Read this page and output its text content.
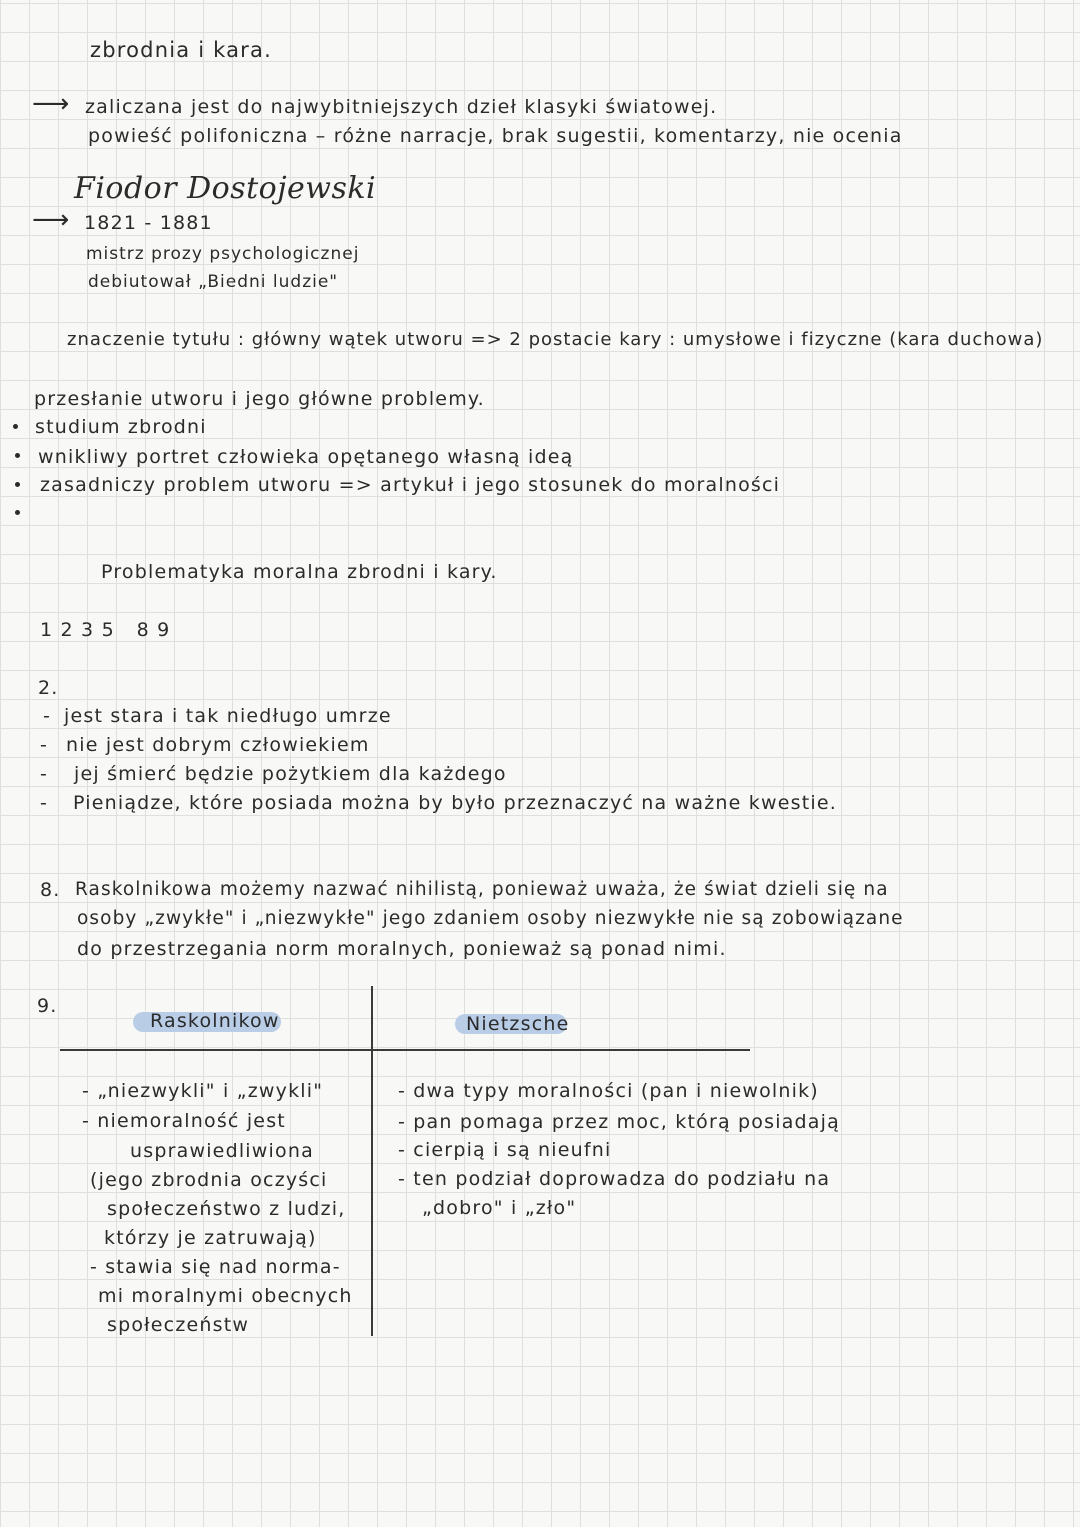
zbrodnia i kara.
⟶ zaliczana jest do najwybitniejszych dzieł klasyki światowej.
powieść polifoniczna – różne narracje, brak sugestii, komentarzy, nie ocenia
Fiodor Dostojewski
⟶ 1821 - 1881
mistrz prozy psychologicznej
debiutował „Biedni ludzie"
znaczenie tytułu : główny wątek utworu => 2 postacie kary : umysłowe i fizyczne (kara duchowa)
przesłanie utworu i jego główne problemy.
studium zbrodni
wnikliwy portret człowieka opętanego własną ideą
zasadniczy problem utworu => artykuł i jego stosunek do moralności
Problematyka moralna zbrodni i kary.
1 2 3 5   8 9
2.
- jest stara i tak niedługo umrze
- nie jest dobrym człowiekiem
- jej śmierć będzie pożytkiem dla każdego
- Pieniądze, które posiada można by było przeznaczyć na ważne kwestie.
8. Raskolnikowa możemy nazwać nihilistą, ponieważ uważa, że świat dzieli się na
osoby „zwykłe" i „niezwykłe" jego zdaniem osoby niezwykłe nie są zobowiązane
do przestrzegania norm moralnych, ponieważ są ponad nimi.
9.
Raskolnikow	Nietzsche
- „niezwykli" i „zwykli"
- niemoralność jest
usprawiedliwiona
(jego zbrodnia oczyści
społeczeństwo z ludzi,
którzy je zatruwają)
- stawia się nad norma-
mi moralnymi obecnych
społeczeństw
- dwa typy moralności (pan i niewolnik)
- pan pomaga przez moc, którą posiadają
- cierpią i są nieufni
- ten podział doprowadza do podziału na
„dobro" i „zło"
